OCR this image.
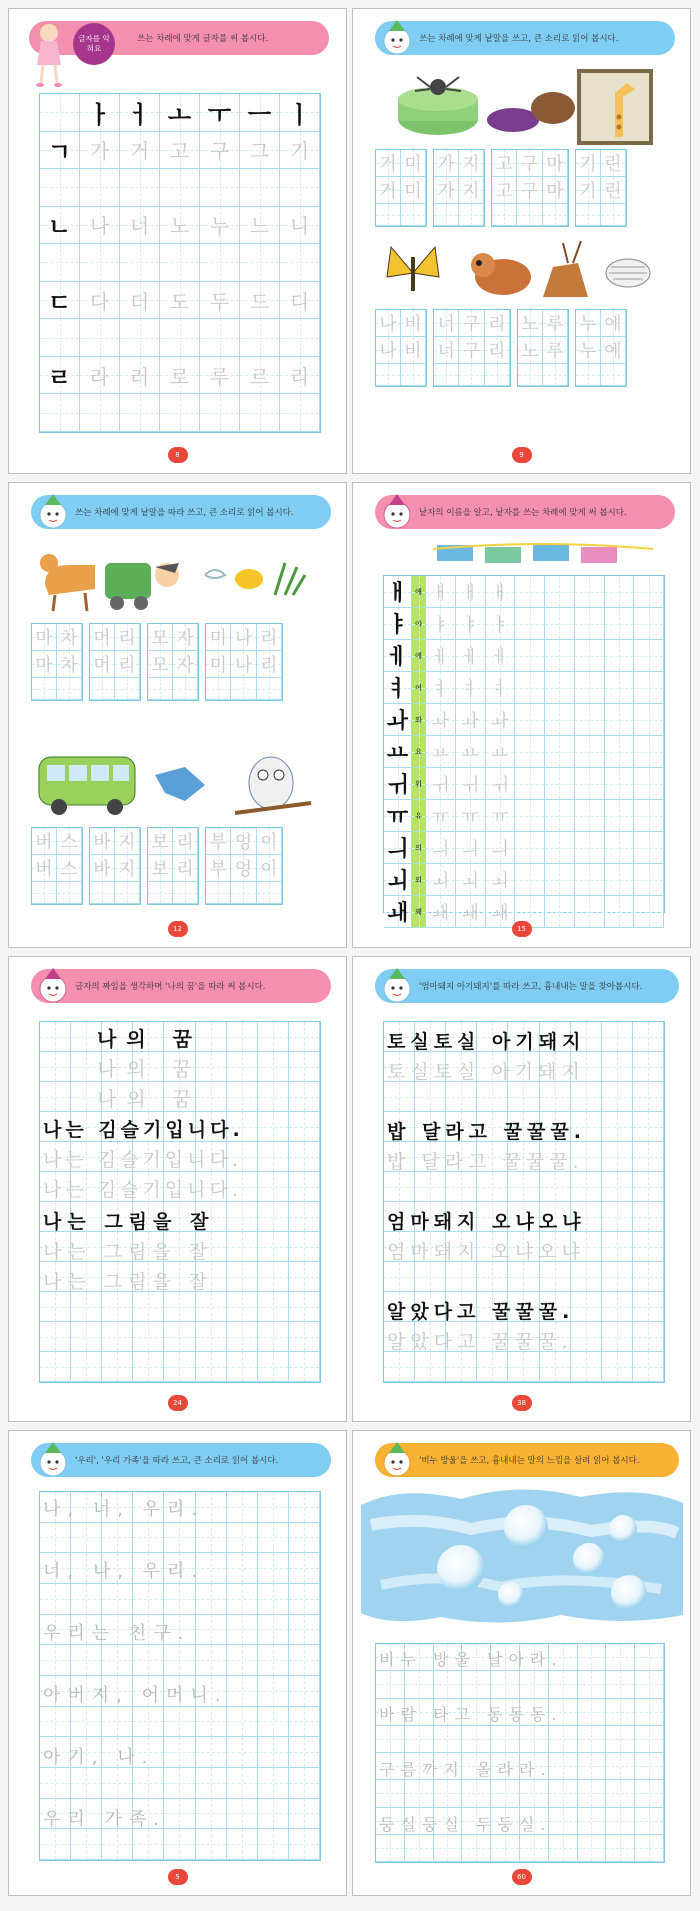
쓰는 차례에 맞게 글자를 써 봅시다.
글자를 익혀요
ㅏ ㅓ ㅗ ㅜ ㅡ ㅣ
ㄱ 가 거 고 구 그 기
ㄴ 나 너 노 누 느 니
ㄷ 다 더 도 두 드 디
ㄹ 라 러 로 루 르 리
8
쓰는 차례에 맞게 낱말을 쓰고, 큰 소리로 읽어 봅시다.
거 미
거 미
가 지
가 지
고 구 마
고 구 마
기 린
기 린
나 비
나 비
너 구 리
너 구 리
노 루
노 루
누 에
누 에
9
쓰는 차례에 맞게 낱말을 따라 쓰고, 큰 소리로 읽어 봅시다.
마 차
마 차
머 리
머 리
모 자
모 자
미 나 리
미 나 리
버 스
버 스
바 지
바 지
보 리
보 리
부 엉 이
부 엉 이
12
낱자의 이름을 알고, 낱자를 쓰는 차례에 맞게 써 봅시다.
ㅐ 애 ㅐ ㅐ ㅐ
ㅑ 야 ㅑ ㅑ ㅑ
ㅔ 에 ㅔ ㅔ ㅔ
ㅕ 여 ㅕ ㅕ ㅕ
ㅘ 와 ㅘ ㅘ ㅘ
ㅛ 요 ㅛ ㅛ ㅛ
ㅟ 위 ㅟ ㅟ ㅟ
ㅠ 유 ㅠ ㅠ ㅠ
ㅢ 의 ㅢ ㅢ ㅢ
ㅚ 외 ㅚ ㅚ ㅚ
ㅙ 왜 ㅙ ㅙ ㅙ
15
글자의 짜임을 생각하며 '나의 꿈'을 따라 써 봅시다.
나의 꿈
나의 꿈
나의 꿈
나는 김슬기입니다.
나는 김슬기입니다.
나는 김슬기입니다.
나는 그림을 잘
나는 그림을 잘
나는 그림을 잘
24
'엄마돼지 아기돼지'를 따라 쓰고, 흉내내는 말을 찾아봅시다.
38
토실토실 아기돼지
토실토실 아기돼지
밥 달라고 꿀꿀꿀.
밥 달라고 꿀꿀꿀.
엄마돼지 오냐오냐
엄마돼지 오냐오냐
알았다고 꿀꿀꿀.
알았다고 꿀꿀꿀.
'우리', '우리 가족'을 따라 쓰고, 큰 소리로 읽어 봅시다.
5
나, 너, 우리.
너, 나, 우리.
우리는 친구.
아버지, 어머니.
아기, 나.
우리 가족.
'비누 방울'을 쓰고, 흉내내는 말의 느낌을 살려 읽어 봅시다.
60
비누 방울 날아라.
바람 타고 동동동.
구름까지 올라라.
둥실둥실 두둥실.
